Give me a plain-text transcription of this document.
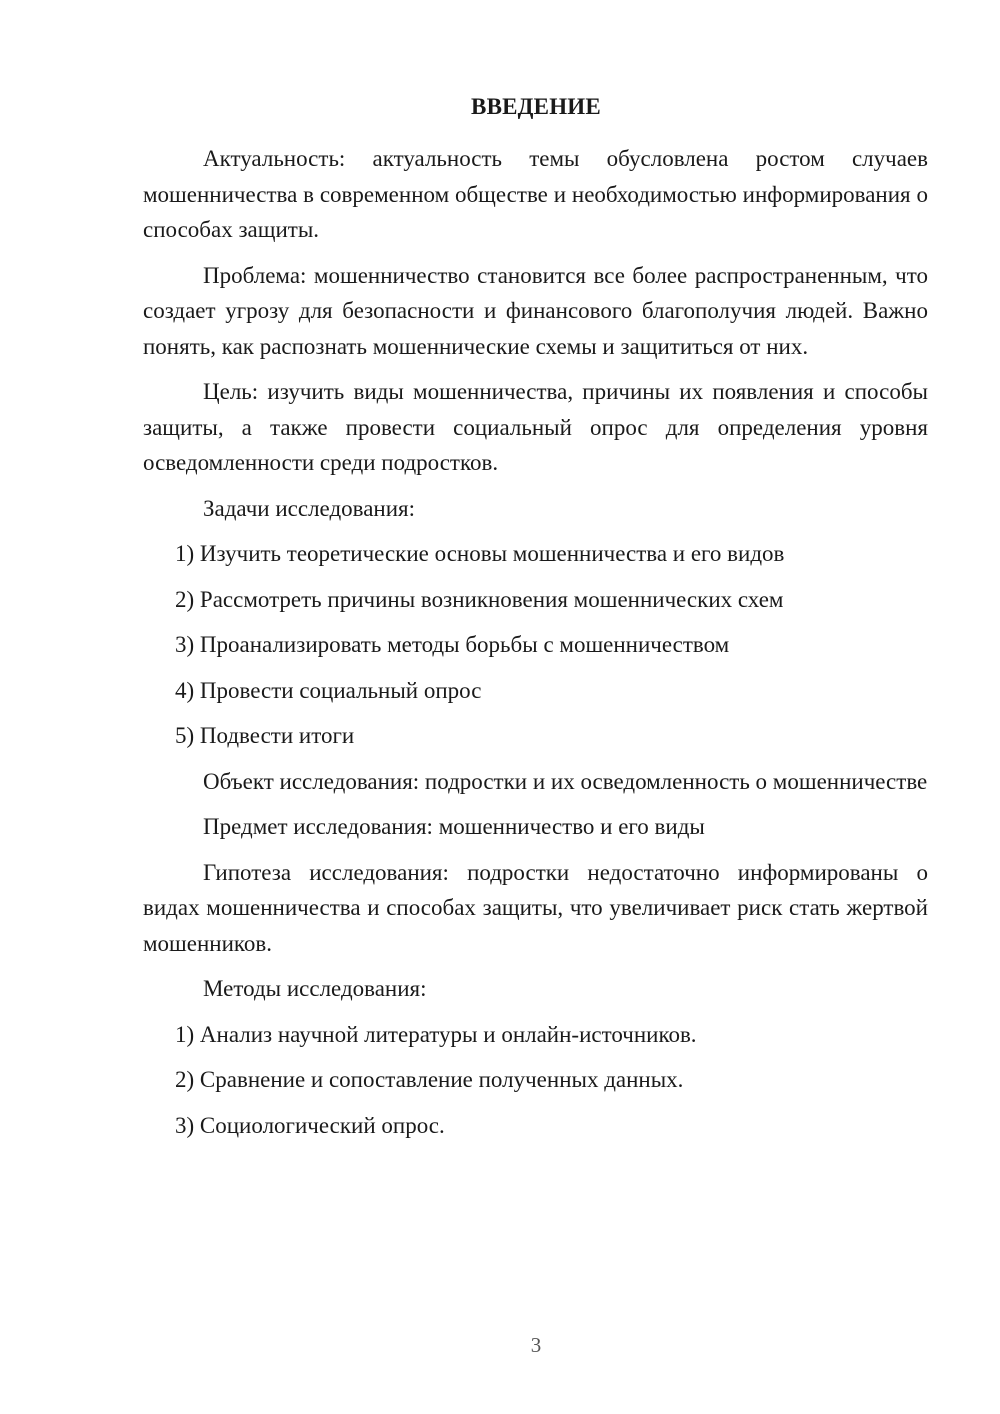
ВВЕДЕНИЕ

Актуальность: актуальность темы обусловлена ростом случаев мошенничества в современном обществе и необходимостью информирования о способах защиты.

Проблема: мошенничество становится все более распространенным, что создает угрозу для безопасности и финансового благополучия людей. Важно понять, как распознать мошеннические схемы и защититься от них.

Цель: изучить виды мошенничества, причины их появления и способы защиты, а также провести социальный опрос для определения уровня осведомленности среди подростков.

Задачи исследования:

1) Изучить теоретические основы мошенничества и его видов

2) Рассмотреть причины возникновения мошеннических схем

3) Проанализировать методы борьбы с мошенничеством

4) Провести социальный опрос

5) Подвести итоги

Объект исследования: подростки и их осведомленность о мошенничестве

Предмет исследования: мошенничество и его виды

Гипотеза исследования: подростки недостаточно информированы о видах мошенничества и способах защиты, что увеличивает риск стать жертвой мошенников.

Методы исследования:

1) Анализ научной литературы и онлайн-источников.

2) Сравнение и сопоставление полученных данных.

3) Социологический опрос.

3
